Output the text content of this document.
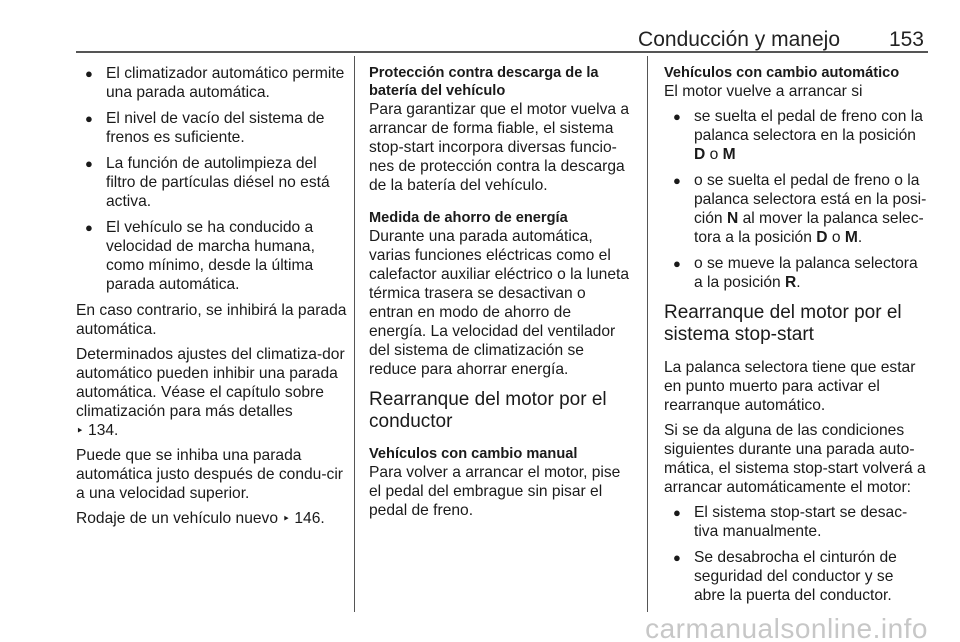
Conducción y manejo 153
● El climatizador automático permite una parada automática.
● El nivel de vacío del sistema de frenos es suficiente.
● La función de autolimpieza del filtro de partículas diésel no está activa.
● El vehículo se ha conducido a velocidad de marcha humana, como mínimo, desde la última parada automática.

En caso contrario, se inhibirá la parada automática.

Determinados ajustes del climatiza-dor automático pueden inhibir una parada automática. Véase el capítulo sobre climatización para más detalles
‣ 134.

Puede que se inhiba una parada automática justo después de condu-cir a una velocidad superior.

Rodaje de un vehículo nuevo ‣ 146.

Protección contra descarga de la batería del vehículo

Para garantizar que el motor vuelva a arrancar de forma fiable, el sistema stop-start incorpora diversas funcio-nes de protección contra la descarga de la batería del vehículo.

Medida de ahorro de energía

Durante una parada automática, varias funciones eléctricas como el calefactor auxiliar eléctrico o la luneta térmica trasera se desactivan o entran en modo de ahorro de energía. La velocidad del ventilador del sistema de climatización se reduce para ahorrar energía.

Rearranque del motor por el conductor
Vehículos con cambio manual

Para volver a arrancar el motor, pise el pedal del embrague sin pisar el pedal de freno.

Vehículos con cambio automático

El motor vuelve a arrancar si

● se suelta el pedal de freno con la palanca selectora en la posición D o M
● o se suelta el pedal de freno o la palanca selectora está en la posi-ción N al mover la palanca selec-tora a la posición D o M.
● o se mueve la palanca selectora a la posición R.
Rearranque del motor por el sistema stop-start

La palanca selectora tiene que estar en punto muerto para activar el rearranque automático.

Si se da alguna de las condiciones siguientes durante una parada auto-mática, el sistema stop-start volverá a arrancar automáticamente el motor:

● El sistema stop-start se desac-tiva manualmente.
● Se desabrocha el cinturón de seguridad del conductor y se abre la puerta del conductor.
carmanualsonline.info
